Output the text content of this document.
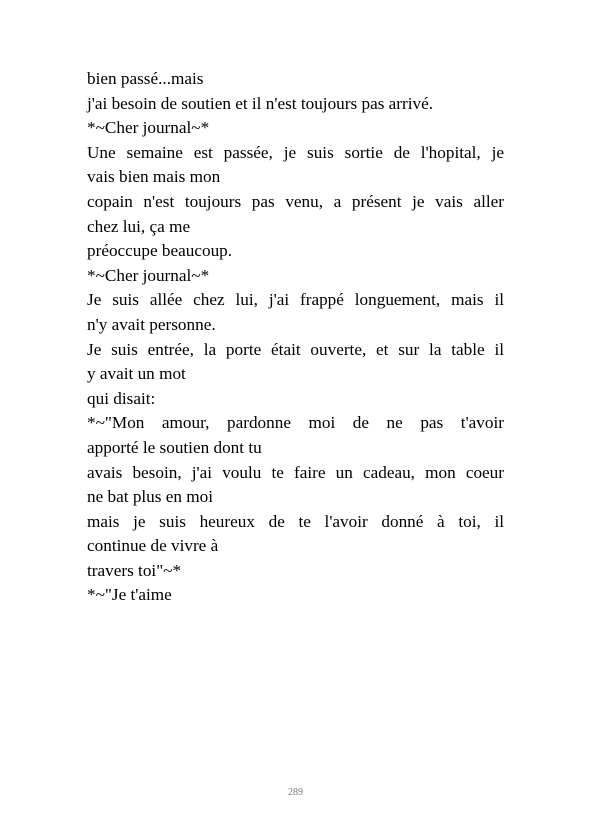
bien passé...mais
j'ai besoin de soutien et il n'est toujours pas arrivé.
*~Cher journal~*
Une semaine est passée, je suis sortie de l'hopital, je
vais bien mais mon
copain n'est toujours pas venu, a présent je vais aller
chez lui, ça me
préoccupe beaucoup.
*~Cher journal~*
Je suis allée chez lui, j'ai frappé longuement, mais il
n'y avait personne.
Je suis entrée, la porte était ouverte, et sur la table il
y avait un mot
qui disait:
*~"Mon amour, pardonne moi de ne pas t'avoir
apporté le soutien dont tu
avais besoin, j'ai voulu te faire un cadeau, mon coeur
ne bat plus en moi
mais je suis heureux de te l'avoir donné à toi, il
continue de vivre à
travers toi"~*
*~"Je t'aime
289
